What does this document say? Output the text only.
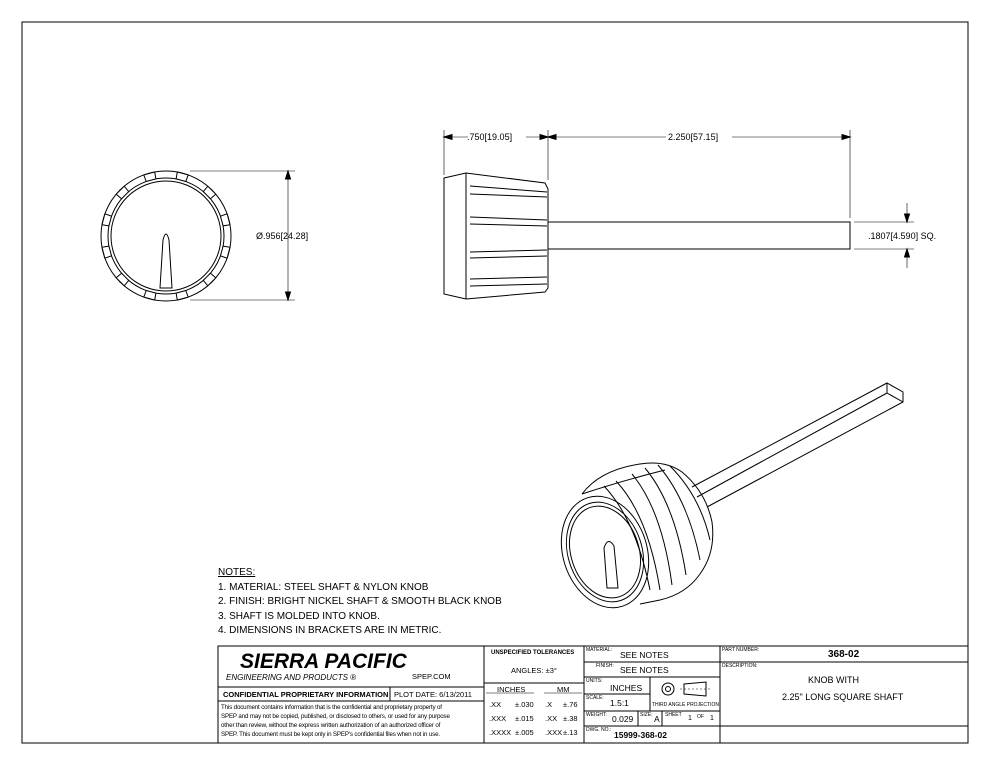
.750[19.05]	2.250[57.15]
Ø.956[24.28]	.1807[4.590] SQ.
NOTES:
1. MATERIAL: STEEL SHAFT & NYLON KNOB
2. FINISH: BRIGHT NICKEL SHAFT & SMOOTH BLACK KNOB
3. SHAFT IS MOLDED INTO KNOB.
4. DIMENSIONS IN BRACKETS ARE IN METRIC.
SIERRA PACIFIC
ENGINEERING AND PRODUCTS ®	SPEP.COM
CONFIDENTIAL PROPRIETARY INFORMATION PLOT DATE: 6/13/2011
This document contains information that is the confidential and proprietary property of
SPEP and may not be copied, published, or disclosed to others, or used for any purpose
other than review, without the express written authorization of an authorized officer of
SPEP. This document must be kept only in SPEP's confidential files when not in use.
UNSPECIFIED TOLERANCES
ANGLES: ±3°
INCHES	MM
.XX	±.030	.X	±.76
.XXX	±.015	.XX ±.38
.XXXX ±.005	.XXX ±.13
MATERIAL: SEE NOTES
FINISH: SEE NOTES
UNITS:
INCHES
THIRD ANGLE PROJECTION
SCALE: 1.5:1
WEIGHT: 0.029 SIZE: A SHEET 1 OF 1
DWG. NO.: 15999-368-02
PART NUMBER:	368-02
DESCRIPTION:
KNOB WITH
2.25" LONG SQUARE SHAFT
